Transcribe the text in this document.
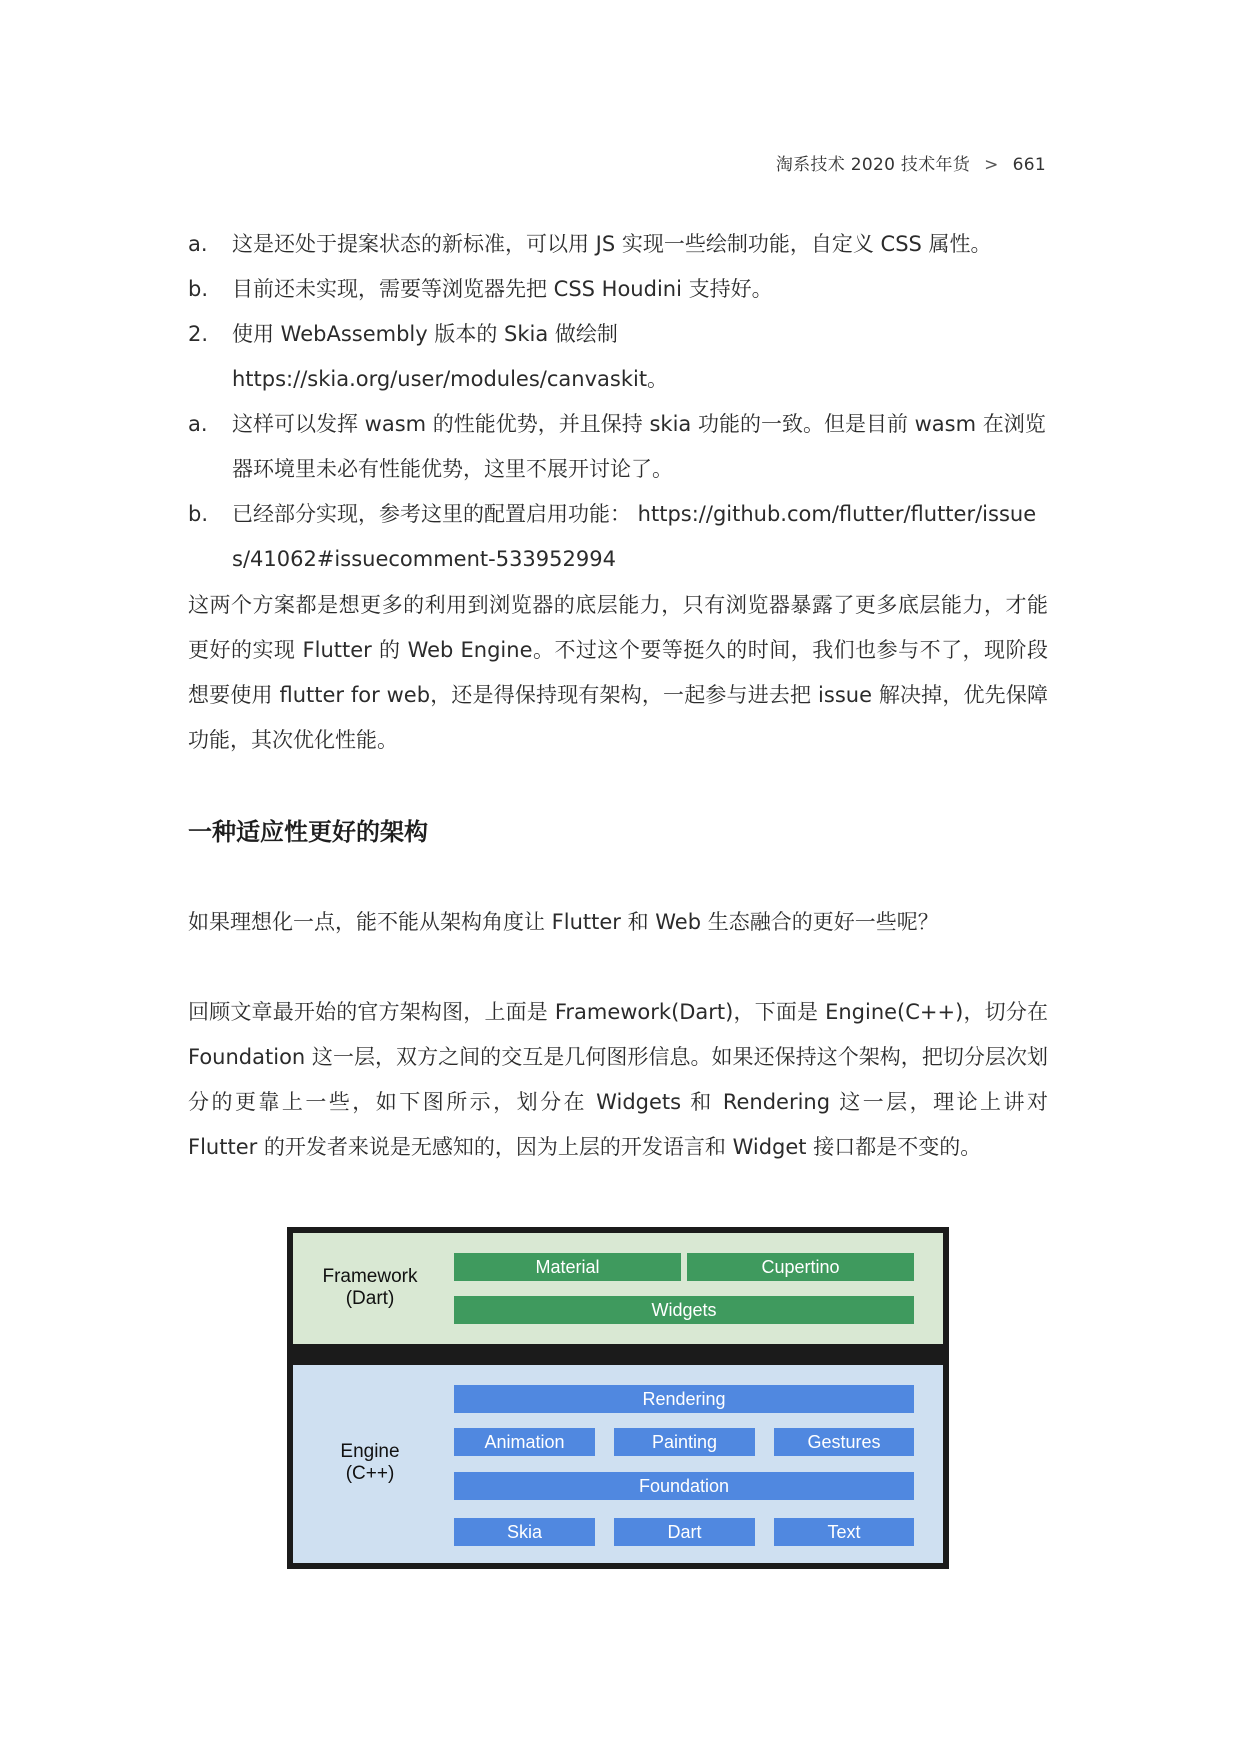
淘系技术 2020 技术年货 > 661
a. 这是还处于提案状态的新标准，可以用 JS 实现一些绘制功能，自定义 CSS 属性。
b. 目前还未实现，需要等浏览器先把 CSS Houdini 支持好。
2. 使用 WebAssembly 版本的 Skia 做绘制 https://skia.org/user/modules/canvaskit。
a. 这样可以发挥 wasm 的性能优势，并且保持 skia 功能的一致。但是目前 wasm 在浏览器环境里未必有性能优势，这里不展开讨论了。
b. 已经部分实现，参考这里的配置启用功能： https://github.com/flutter/flutter/issues/41062#issuecomment-533952994
这两个方案都是想更多的利用到浏览器的底层能力，只有浏览器暴露了更多底层能力，才能更好的实现 Flutter 的 Web Engine。不过这个要等挺久的时间，我们也参与不了，现阶段想要使用 flutter for web，还是得保持现有架构，一起参与进去把 issue 解决掉，优先保障功能，其次优化性能。
一种适应性更好的架构
如果理想化一点，能不能从架构角度让 Flutter 和 Web 生态融合的更好一些呢？
回顾文章最开始的官方架构图，上面是 Framework(Dart)，下面是 Engine(C++)，切分在 Foundation 这一层，双方之间的交互是几何图形信息。如果还保持这个架构，把切分层次划分的更靠上一些，如下图所示，划分在 Widgets 和 Rendering 这一层，理论上讲对 Flutter 的开发者来说是无感知的，因为上层的开发语言和 Widget 接口都是不变的。
Framework
(Dart)
Material	Cupertino
Widgets
Engine
(C++)
Rendering
Animation	Painting	Gestures
Foundation
Skia	Dart	Text
